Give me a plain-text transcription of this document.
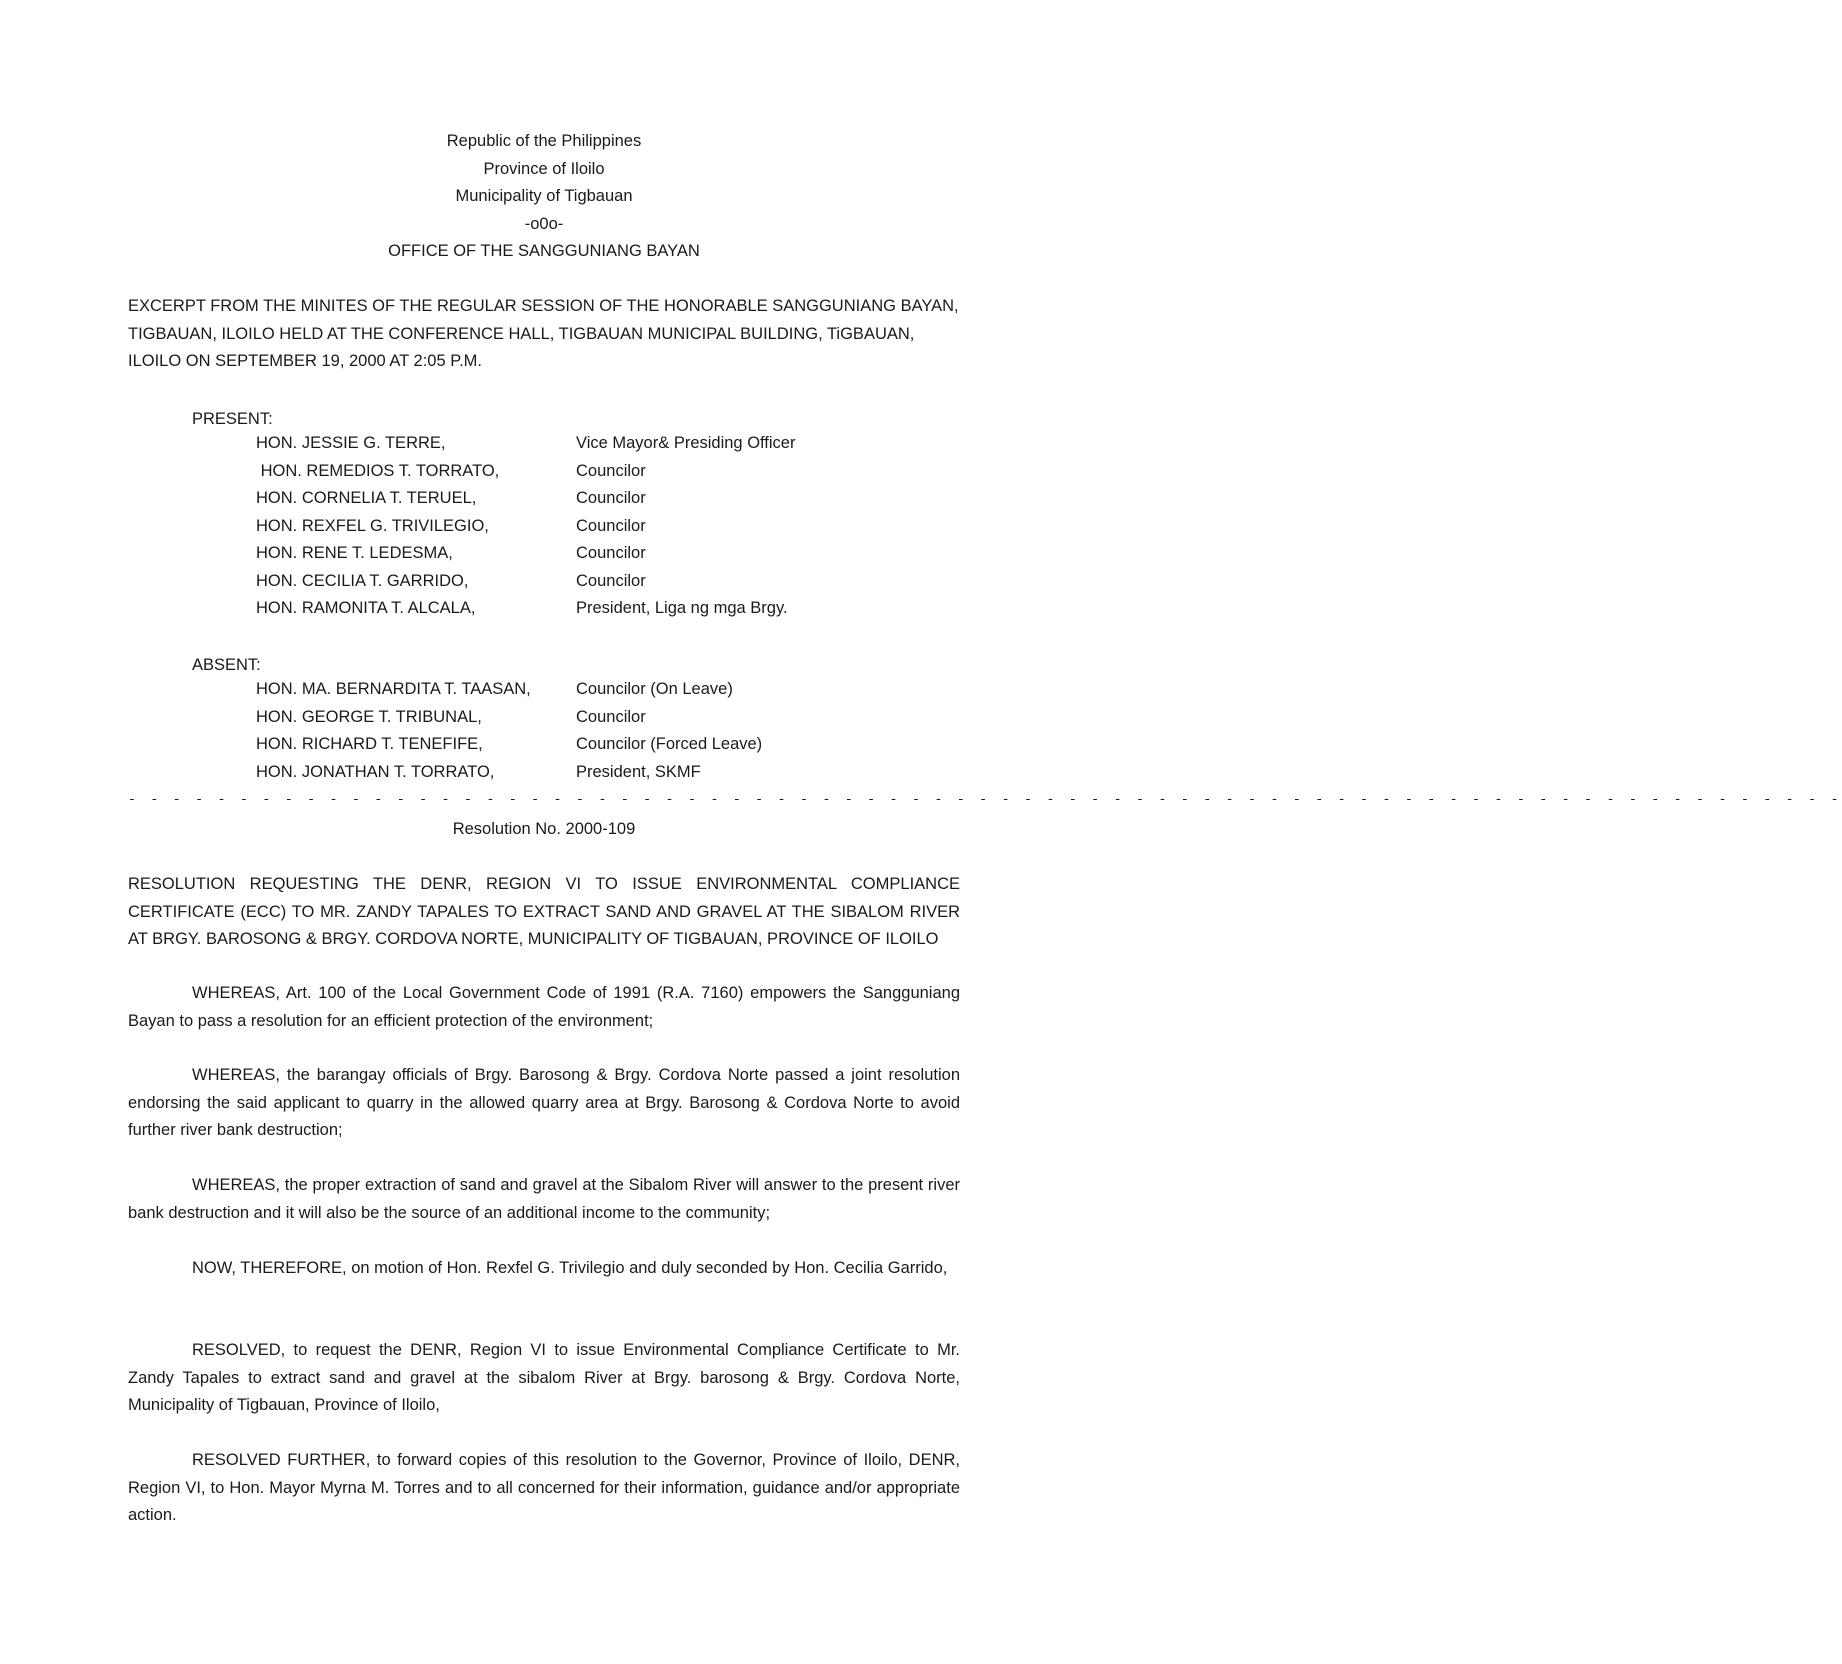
Republic of the Philippines
Province of Iloilo
Municipality of Tigbauan
-o0o-
OFFICE OF THE SANGGUNIANG BAYAN
EXCERPT FROM THE MINITES OF THE REGULAR SESSION OF THE HONORABLE SANGGUNIANG BAYAN,
TIGBAUAN, ILOILO HELD AT THE CONFERENCE HALL, TIGBAUAN MUNICIPAL BUILDING, TiGBAUAN,
ILOILO ON SEPTEMBER 19, 2000 AT 2:05 P.M.
PRESENT:
HON. JESSIE G. TERRE,	Vice Mayor& Presiding Officer
HON. REMEDIOS T. TORRATO,	Councilor
HON. CORNELIA T. TERUEL,	Councilor
HON. REXFEL G. TRIVILEGIO,	Councilor
HON. RENE T. LEDESMA,	Councilor
HON. CECILIA T. GARRIDO,	Councilor
HON. RAMONITA T. ALCALA,	President, Liga ng mga Brgy.
ABSENT:
HON. MA. BERNARDITA T. TAASAN,	Councilor (On Leave)
HON. GEORGE T. TRIBUNAL,	Councilor
HON. RICHARD T. TENEFIFE,	Councilor (Forced Leave)
HON. JONATHAN T. TORRATO,	President, SKMF
- - - - - - - - - - - - - - - - - - - - - - - - - - - - - - - - - - - - - - - - - - - - - - - - - - - - - - - - - - - - - - - - - - - - - - - - - - - - -
Resolution No. 2000-109
RESOLUTION REQUESTING THE DENR, REGION VI TO ISSUE ENVIRONMENTAL COMPLIANCE CERTIFICATE (ECC) TO MR. ZANDY TAPALES TO EXTRACT SAND AND GRAVEL AT THE SIBALOM RIVER AT BRGY. BAROSONG & BRGY. CORDOVA NORTE, MUNICIPALITY OF TIGBAUAN, PROVINCE OF ILOILO
WHEREAS, Art. 100 of the Local Government Code of 1991 (R.A. 7160) empowers the Sangguniang Bayan to pass a resolution for an efficient protection of the environment;
WHEREAS, the barangay officials of Brgy. Barosong & Brgy. Cordova Norte passed a joint resolution endorsing the said applicant to quarry in the allowed quarry area at Brgy. Barosong & Cordova Norte to avoid further river bank destruction;
WHEREAS, the proper extraction of sand and gravel at the Sibalom River will answer to the present river bank destruction and it will also be the source of an additional income to the community;
NOW, THEREFORE, on motion of Hon. Rexfel G. Trivilegio and duly seconded by Hon. Cecilia Garrido,
RESOLVED, to request the DENR, Region VI to issue Environmental Compliance Certificate to Mr. Zandy Tapales to extract sand and gravel at the sibalom River at Brgy. barosong & Brgy. Cordova Norte, Municipality of Tigbauan, Province of Iloilo,
RESOLVED FURTHER, to forward copies of this resolution to the Governor, Province of Iloilo, DENR, Region VI, to Hon. Mayor Myrna M. Torres and to all concerned for their information, guidance and/or appropriate action.
